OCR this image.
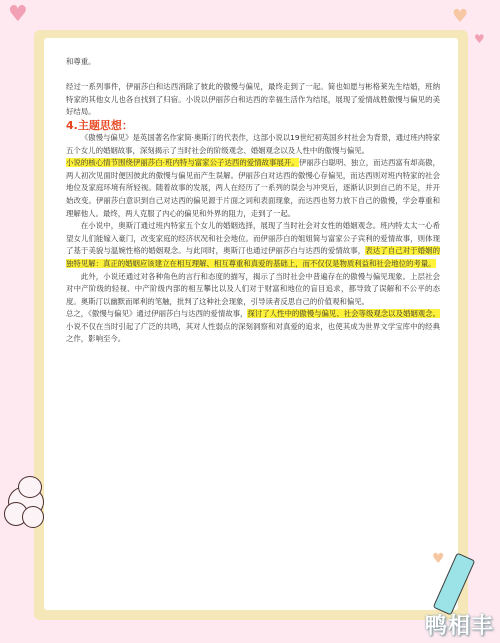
♥	♥
♥

和尊重。

经过一系列事件，伊丽莎白和达西消除了彼此的傲慢与偏见，最终走到了一起。简也如愿与彬格莱先生结婚，班纳特家的其他女儿也各自找到了归宿。小说以伊丽莎白和达西的幸福生活作为结尾，展现了爱情战胜傲慢与偏见的美好结局。

4.主题思想：

《傲慢与偏见》是英国著名作家简·奥斯汀的代表作，这部小说以19世纪初英国乡村社会为背景，通过班内特家五个女儿的婚姻故事，深刻揭示了当时社会的阶级观念、婚姻观念以及人性中的傲慢与偏见。

小说的核心情节围绕伊丽莎白·班内特与富家公子达西的爱情故事展开。伊丽莎白聪明、独立，而达西富有却高傲，两人初次见面时便因彼此的傲慢与偏见而产生误解。伊丽莎白对达西的傲慢心存偏见，而达西则对班内特家的社会地位及家庭环境有所轻视。随着故事的发展，两人在经历了一系列的误会与冲突后，逐渐认识到自己的不足，并开始改变。伊丽莎白意识到自己对达西的偏见源于片面之词和表面现象，而达西也努力放下自己的傲慢，学会尊重和理解他人。最终，两人克服了内心的偏见和外界的阻力，走到了一起。

在小说中，奥斯汀通过班内特家五个女儿的婚姻选择，展现了当时社会对女性的婚姻观念。班内特太太一心希望女儿们能嫁入豪门，改变家庭的经济状况和社会地位。而伊丽莎白的姐姐简与富家公子宾利的爱情故事，则体现了基于美貌与温婉性格的婚姻观念。与此同时，奥斯汀也通过伊丽莎白与达西的爱情故事，表达了自己对于婚姻的独特见解：真正的婚姻应该建立在相互理解、相互尊重和真爱的基础上，而不仅仅是物质利益和社会地位的考量。

此外，小说还通过对各种角色的言行和态度的描写，揭示了当时社会中普遍存在的傲慢与偏见现象。上层社会对中产阶级的轻视、中产阶级内部的相互攀比以及人们对于财富和地位的盲目追求，都导致了误解和不公平的态度。奥斯汀以幽默而犀利的笔触，批判了这种社会现象，引导读者反思自己的价值观和偏见。

总之，《傲慢与偏见》通过伊丽莎白与达西的爱情故事，探讨了人性中的傲慢与偏见、社会等级观念以及婚姻观念。小说不仅在当时引起了广泛的共鸣，其对人性弱点的深刻洞察和对真爱的追求，也使其成为世界文学宝库中的经典之作，影响至今。

♥
鸭相丰
